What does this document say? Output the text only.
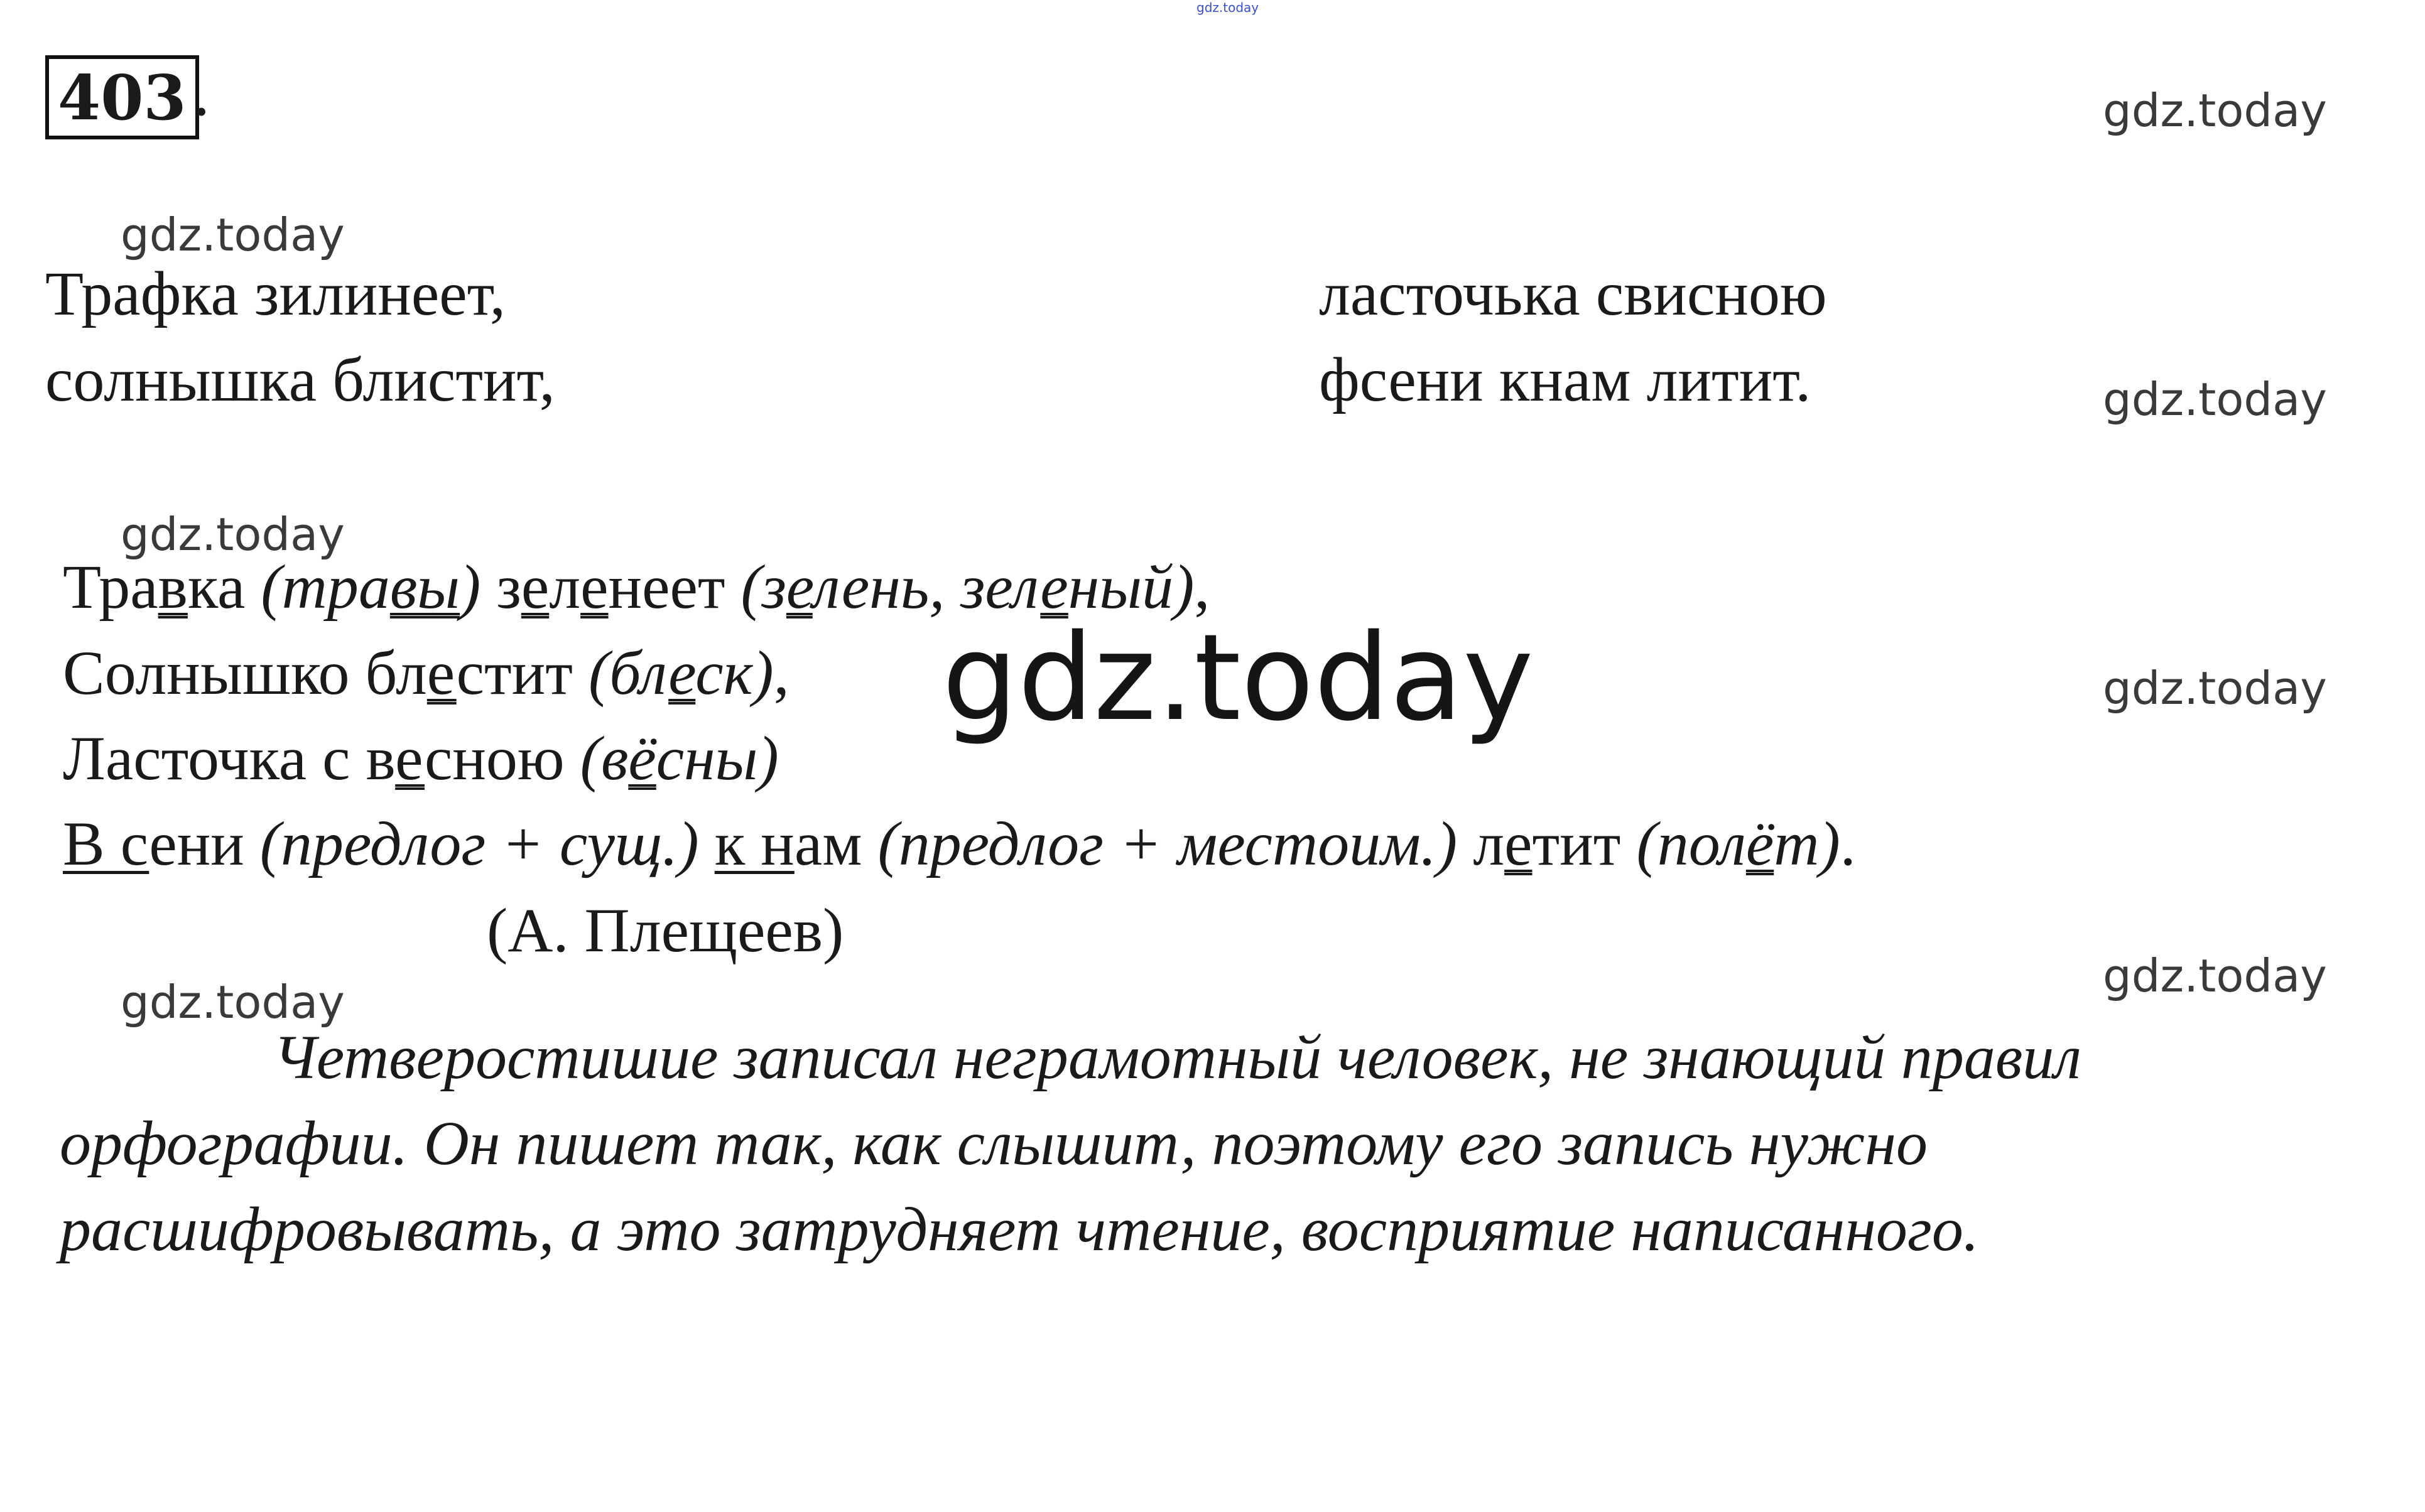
gdz.today
403 .	gdz.today
gdz.today
gdz.today
gdz.today
gdz.today
gdz.today	gdz.today
Трафка зилинеет,
солнышка блистит,
ласточька свисною
фсени кнам литит.
Травка (травы) зеленеет (зелень, зеленый),
Солнышко блестит (блеск),
Ласточка с весною (вёсны)
В сени (предлог + сущ.) к нам (предлог + местоим.) летит (полёт).
(А. Плещеев)
gdz.today
Четверостишие записал неграмотный человек, не знающий правил орфографии. Он пишет так, как слышит, поэтому его запись нужно расшифровывать, а это затрудняет чтение, восприятие написанного.
